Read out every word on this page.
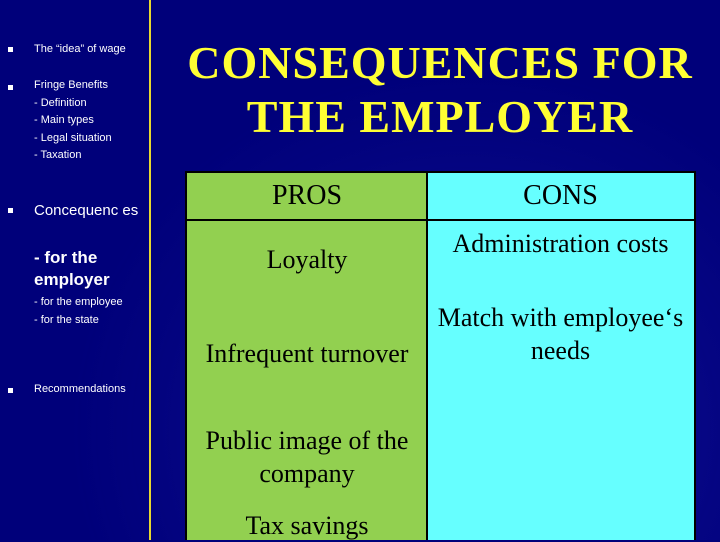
The “idea” of wage
Fringe Benefits
- Definition
- Main types
- Legal situation
- Taxation
Concequenc es
- for the employer
- for the employee
- for the state
Recommendations
CONSEQUENCES FOR THE EMPLOYER
PROS	CONS
Loyalty
Infrequent turnover
Public image of the company
Tax savings
Administration costs
Match with employee‘s needs
